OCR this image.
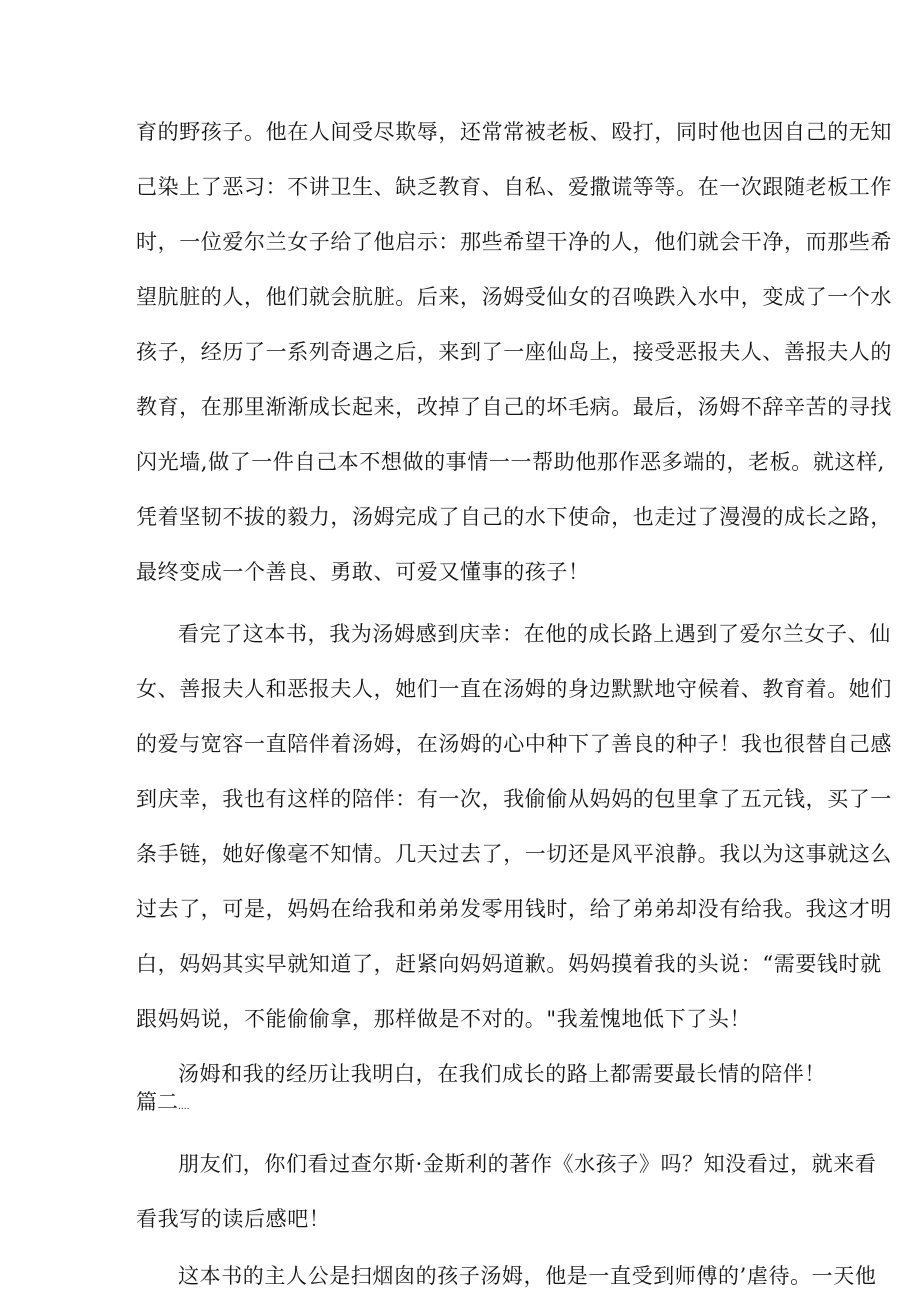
育的野孩子。他在人间受尽欺辱，还常常被老板、殴打，同时他也因自己的无知
己染上了恶习：不讲卫生、缺乏教育、自私、爱撒谎等等。在一次跟随老板工作
时，一位爱尔兰女子给了他启示：那些希望干净的人，他们就会干净，而那些希
望肮脏的人，他们就会肮脏。后来，汤姆受仙女的召唤跌入水中，变成了一个水
孩子，经历了一系列奇遇之后，来到了一座仙岛上，接受恶报夫人、善报夫人的
教育，在那里渐渐成长起来，改掉了自己的坏毛病。最后，汤姆不辞辛苦的寻找
闪光墙,做了一件自己本不想做的事情一一帮助他那作恶多端的，老板。就这样,
凭着坚韧不拔的毅力，汤姆完成了自己的水下使命，也走过了漫漫的成长之路，
最终变成一个善良、勇敢、可爱又懂事的孩子！
看完了这本书，我为汤姆感到庆幸：在他的成长路上遇到了爱尔兰女子、仙
女、善报夫人和恶报夫人，她们一直在汤姆的身边默默地守候着、教育着。她们
的爱与宽容一直陪伴着汤姆，在汤姆的心中种下了善良的种子！我也很替自己感
到庆幸，我也有这样的陪伴：有一次，我偷偷从妈妈的包里拿了五元钱，买了一
条手链，她好像毫不知情。几天过去了，一切还是风平浪静。我以为这事就这么
过去了，可是，妈妈在给我和弟弟发零用钱时，给了弟弟却没有给我。我这才明
白，妈妈其实早就知道了，赶紧向妈妈道歉。妈妈摸着我的头说：“需要钱时就
跟妈妈说，不能偷偷拿，那样做是不对的。"我羞愧地低下了头！
汤姆和我的经历让我明白，在我们成长的路上都需要最长情的陪伴！
篇二....
朋友们，你们看过查尔斯·金斯利的著作《水孩子》吗？知没看过，就来看
看我写的读后感吧！
这本书的主人公是扫烟囱的孩子汤姆，他是一直受到师傅的’虐待。一天他
